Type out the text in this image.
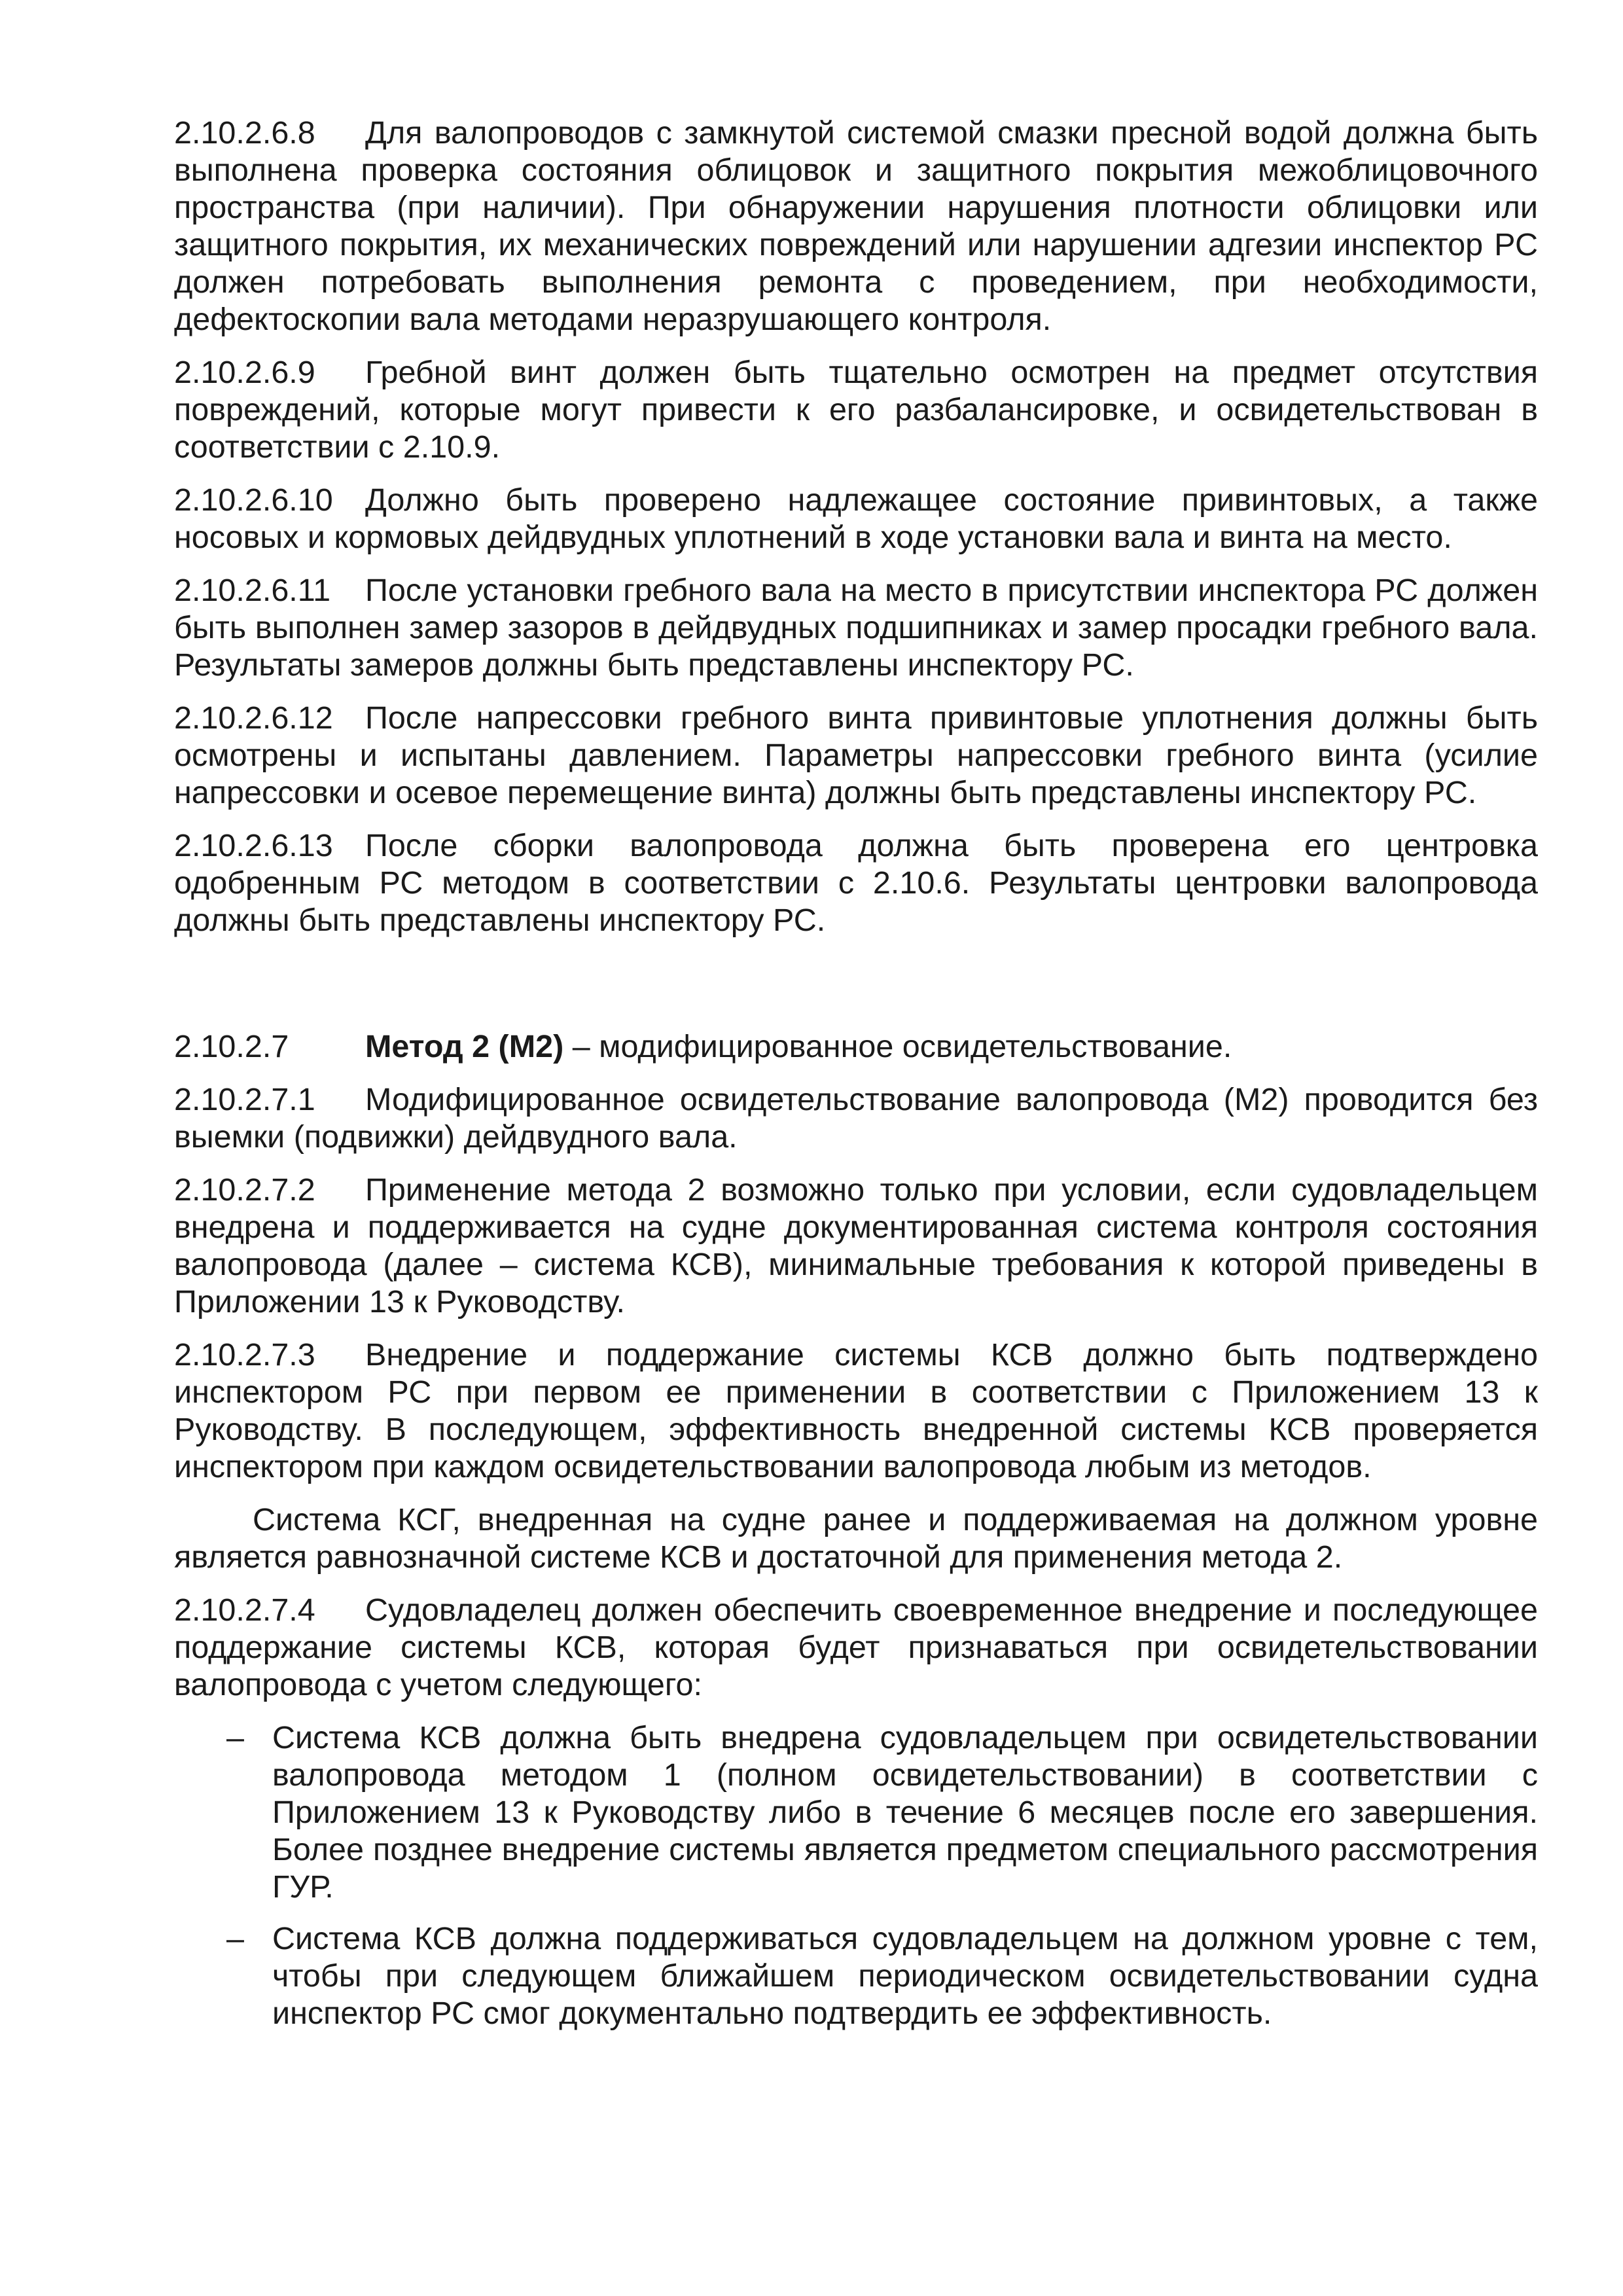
2.10.2.6.8 Для валопроводов с замкнутой системой смазки пресной водой должна быть выполнена проверка состояния облицовок и защитного покрытия межоблицовочного пространства (при наличии). При обнаружении нарушения плотности облицовки или защитного покрытия, их механических повреждений или нарушении адгезии инспектор РС должен потребовать выполнения ремонта с проведением, при необходимости, дефектоскопии вала методами неразрушающего контроля.

2.10.2.6.9 Гребной винт должен быть тщательно осмотрен на предмет отсутствия повреждений, которые могут привести к его разбалансировке, и освидетельствован в соответствии с 2.10.9.

2.10.2.6.10 Должно быть проверено надлежащее состояние привинтовых, а также носовых и кормовых дейдвудных уплотнений в ходе установки вала и винта на место.

2.10.2.6.11 После установки гребного вала на место в присутствии инспектора РС должен быть выполнен замер зазоров в дейдвудных подшипниках и замер просадки гребного вала. Результаты замеров должны быть представлены инспектору РС.

2.10.2.6.12 После напрессовки гребного винта привинтовые уплотнения должны быть осмотрены и испытаны давлением. Параметры напрессовки гребного винта (усилие напрессовки и осевое перемещение винта) должны быть представлены инспектору РС.

2.10.2.6.13 После сборки валопровода должна быть проверена его центровка одобренным РС методом в соответствии с 2.10.6. Результаты центровки валопровода должны быть представлены инспектору РС.

2.10.2.7 Метод 2 (М2) – модифицированное освидетельствование.

2.10.2.7.1 Модифицированное освидетельствование валопровода (М2) проводится без выемки (подвижки) дейдвудного вала.

2.10.2.7.2 Применение метода 2 возможно только при условии, если судовладельцем внедрена и поддерживается на судне документированная система контроля состояния валопровода (далее – система КСВ), минимальные требования к которой приведены в Приложении 13 к Руководству.

2.10.2.7.3 Внедрение и поддержание системы КСВ должно быть подтверждено инспектором РС при первом ее применении в соответствии с Приложением 13 к Руководству. В последующем, эффективность внедренной системы КСВ проверяется инспектором при каждом освидетельствовании валопровода любым из методов.

Система КСГ, внедренная на судне ранее и поддерживаемая на должном уровне является равнозначной системе КСВ и достаточной для применения метода 2.

2.10.2.7.4 Судовладелец должен обеспечить своевременное внедрение и последующее поддержание системы КСВ, которая будет признаваться при освидетельствовании валопровода с учетом следующего:

– Система КСВ должна быть внедрена судовладельцем при освидетельствовании валопровода методом 1 (полном освидетельствовании) в соответствии с Приложением 13 к Руководству либо в течение 6 месяцев после его завершения. Более позднее внедрение системы является предметом специального рассмотрения ГУР.
– Система КСВ должна поддерживаться судовладельцем на должном уровне с тем, чтобы при следующем ближайшем периодическом освидетельствовании судна инспектор РС смог документально подтвердить ее эффективность.
